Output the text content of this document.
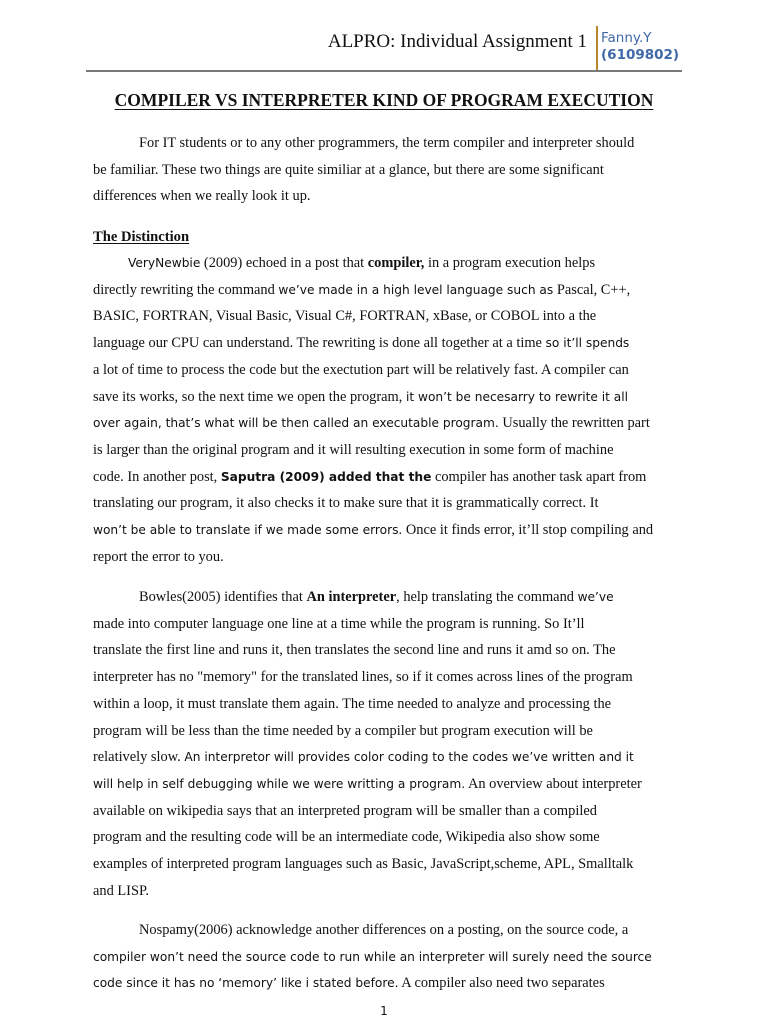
ALPRO: Individual Assignment 1 Fanny.Y
(6109802)
COMPILER VS INTERPRETER KIND OF PROGRAM EXECUTION
For IT students or to any other programmers, the term compiler and interpreter should
be familiar. These two things are quite similiar at a glance, but there are some significant
differences when we really look it up.
The Distinction
VeryNewbie (2009) echoed in a post that compiler, in a program execution helps
directly rewriting the command we’ve made in a high level language such as Pascal, C++,
BASIC, FORTRAN, Visual Basic, Visual C#, FORTRAN, xBase, or COBOL into a the
language our CPU can understand. The rewriting is done all together at a time so it’ll spends
a lot of time to process the code but the exectution part will be relatively fast. A compiler can
save its works, so the next time we open the program, it won’t be necesarry to rewrite it all
over again, that’s what will be then called an executable program. Usually the rewritten part
is larger than the original program and it will resulting execution in some form of machine
code. In another post, Saputra (2009) added that the compiler has another task apart from
translating our program, it also checks it to make sure that it is grammatically correct. It
won’t be able to translate if we made some errors. Once it finds error, it’ll stop compiling and
report the error to you.
Bowles(2005) identifies that An interpreter, help translating the command we’ve
made into computer language one line at a time while the program is running. So It’ll
translate the first line and runs it, then translates the second line and runs it amd so on. The
interpreter has no "memory" for the translated lines, so if it comes across lines of the program
within a loop, it must translate them again. The time needed to analyze and processing the
program will be less than the time needed by a compiler but program execution will be
relatively slow. An interpretor will provides color coding to the codes we’ve written and it
will help in self debugging while we were writting a program. An overview about interpreter
available on wikipedia says that an interpreted program will be smaller than a compiled
program and the resulting code will be an intermediate code, Wikipedia also show some
examples of interpreted program languages such as Basic, JavaScript,scheme, APL, Smalltalk
and LISP.
Nospamy(2006) acknowledge another differences on a posting, on the source code, a
compiler won’t need the source code to run while an interpreter will surely need the source
code since it has no ‘memory’ like i stated before. A compiler also need two separates
1
